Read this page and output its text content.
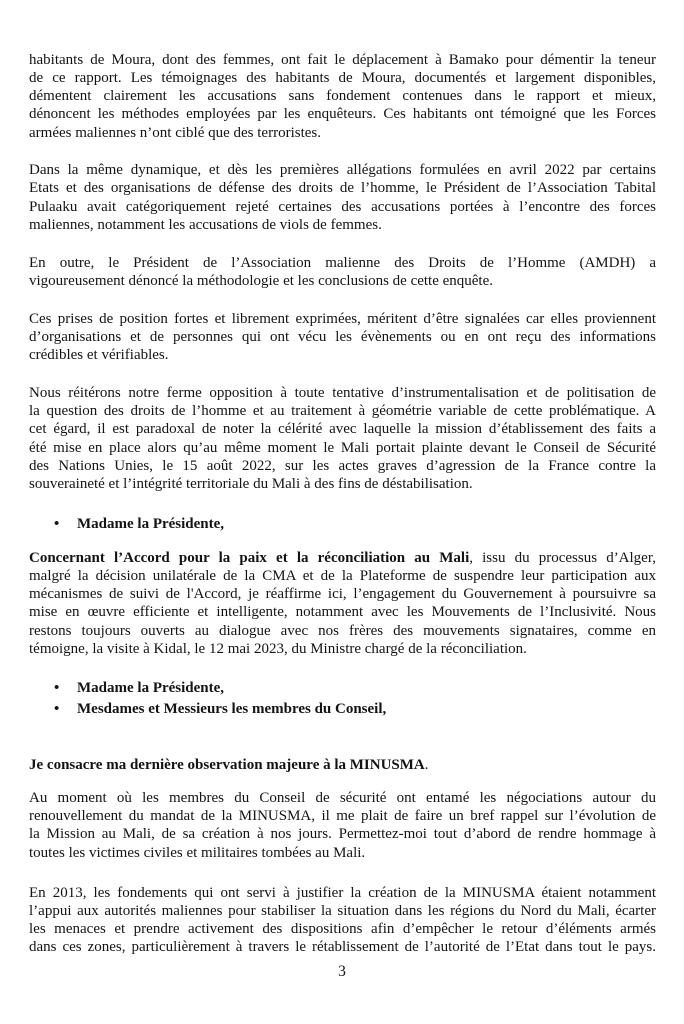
habitants de Moura, dont des femmes, ont fait le déplacement à Bamako pour démentir la teneur
de ce rapport. Les témoignages des habitants de Moura, documentés et largement disponibles,
démentent clairement les accusations sans fondement contenues dans le rapport et mieux,
dénoncent les méthodes employées par les enquêteurs. Ces habitants ont témoigné que les Forces
armées maliennes n’ont ciblé que des terroristes.
Dans la même dynamique, et dès les premières allégations formulées en avril 2022 par certains
Etats et des organisations de défense des droits de l’homme, le Président de l’Association Tabital
Pulaaku avait catégoriquement rejeté certaines des accusations portées à l’encontre des forces
maliennes, notamment les accusations de viols de femmes.
En outre, le Président de l’Association malienne des Droits de l’Homme (AMDH) a
vigoureusement dénoncé la méthodologie et les conclusions de cette enquête.
Ces prises de position fortes et librement exprimées, méritent d’être signalées car elles proviennent
d’organisations et de personnes qui ont vécu les évènements ou en ont reçu des informations
crédibles et vérifiables.
Nous réitérons notre ferme opposition à toute tentative d’instrumentalisation et de politisation de
la question des droits de l’homme et au traitement à géométrie variable de cette problématique. A
cet égard, il est paradoxal de noter la célérité avec laquelle la mission d’établissement des faits a
été mise en place alors qu’au même moment le Mali portait plainte devant le Conseil de Sécurité
des Nations Unies, le 15 août 2022, sur les actes graves d’agression de la France contre la
souveraineté et l’intégrité territoriale du Mali à des fins de déstabilisation.
• Madame la Présidente,
Concernant l’Accord pour la paix et la réconciliation au Mali, issu du processus d’Alger,
malgré la décision unilatérale de la CMA et de la Plateforme de suspendre leur participation aux
mécanismes de suivi de l'Accord, je réaffirme ici, l’engagement du Gouvernement à poursuivre sa
mise en œuvre efficiente et intelligente, notamment avec les Mouvements de l’Inclusivité. Nous
restons toujours ouverts au dialogue avec nos frères des mouvements signataires, comme en
témoigne, la visite à Kidal, le 12 mai 2023, du Ministre chargé de la réconciliation.
• Madame la Présidente,
• Mesdames et Messieurs les membres du Conseil,
Je consacre ma dernière observation majeure à la MINUSMA.
Au moment où les membres du Conseil de sécurité ont entamé les négociations autour du
renouvellement du mandat de la MINUSMA, il me plait de faire un bref rappel sur l’évolution de
la Mission au Mali, de sa création à nos jours. Permettez-moi tout d’abord de rendre hommage à
toutes les victimes civiles et militaires tombées au Mali.
En 2013, les fondements qui ont servi à justifier la création de la MINUSMA étaient notamment
l’appui aux autorités maliennes pour stabiliser la situation dans les régions du Nord du Mali, écarter
les menaces et prendre activement des dispositions afin d’empêcher le retour d’éléments armés
dans ces zones, particulièrement à travers le rétablissement de l’autorité de l’Etat dans tout le pays.
3
